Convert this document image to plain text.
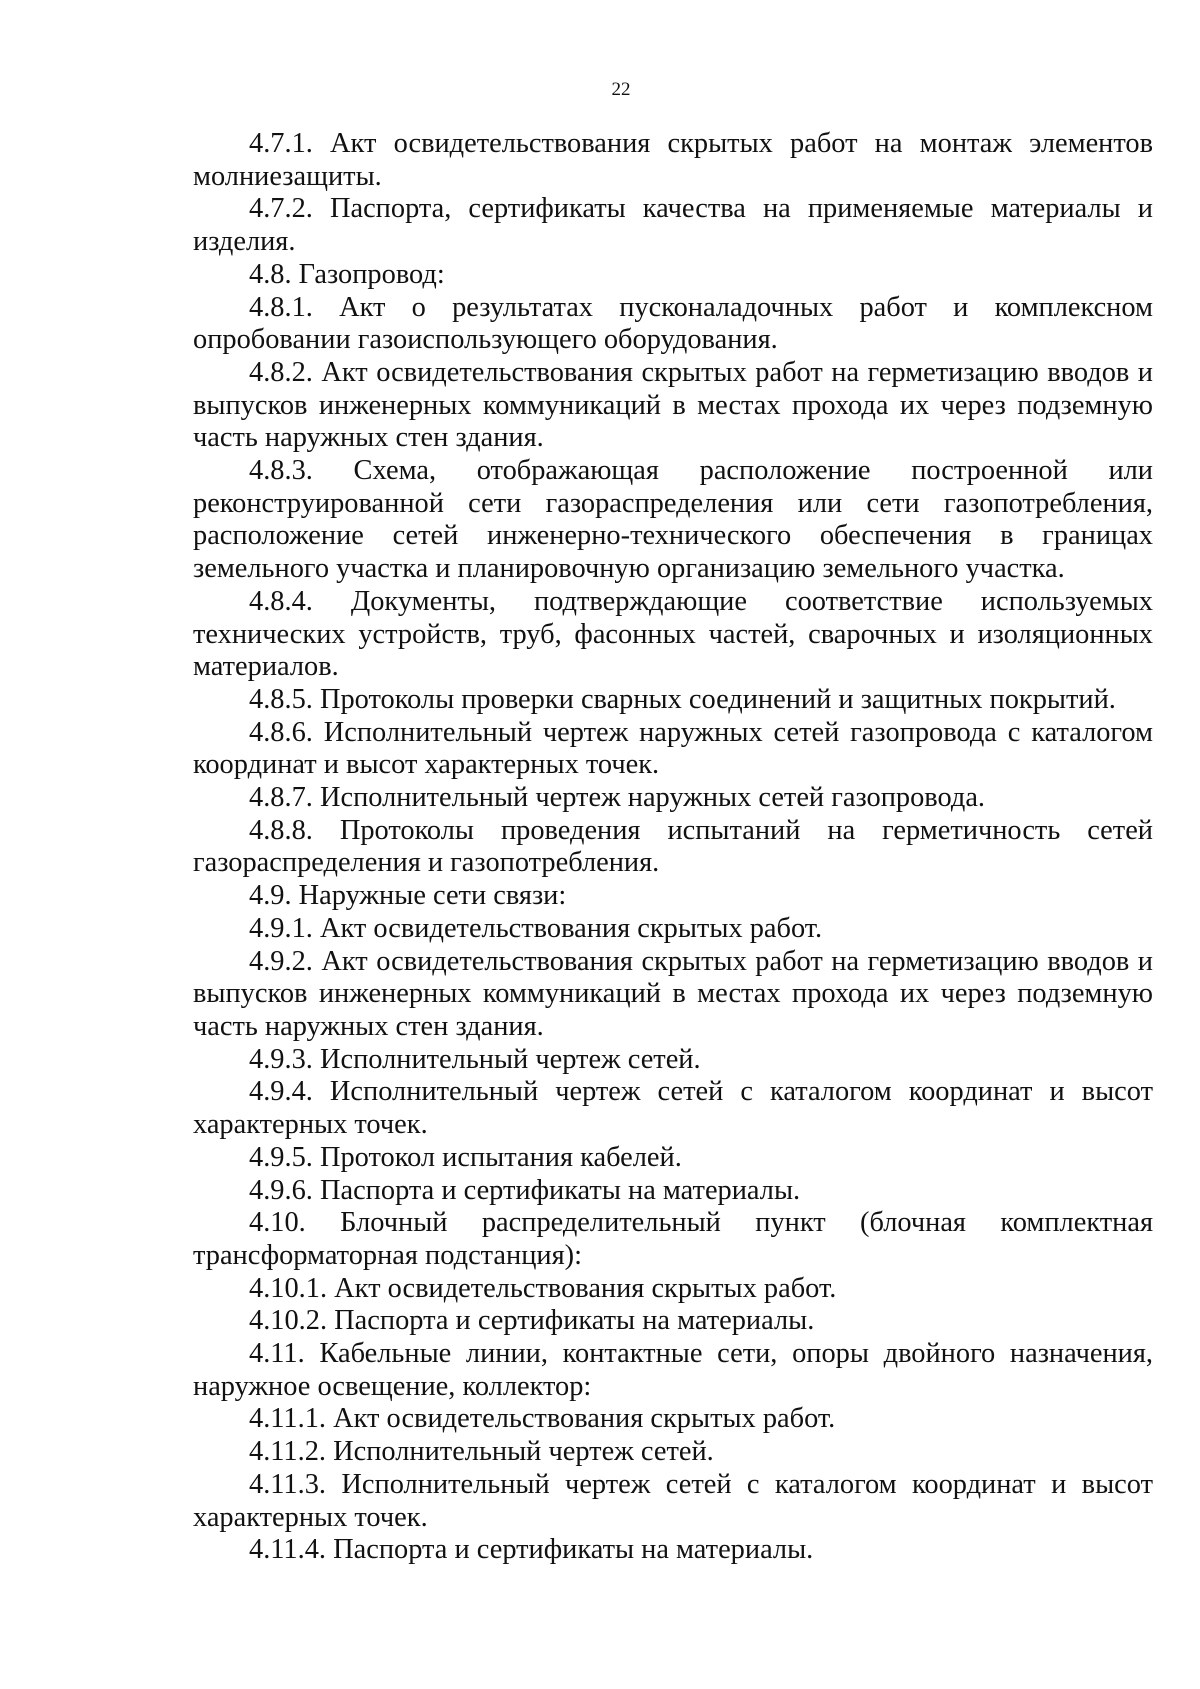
22

4.7.1. Акт освидетельствования скрытых работ на монтаж элементов молниезащиты.

4.7.2. Паспорта, сертификаты качества на применяемые материалы и изделия.

4.8. Газопровод:

4.8.1. Акт о результатах пусконаладочных работ и комплексном опробовании газоиспользующего оборудования.

4.8.2. Акт освидетельствования скрытых работ на герметизацию вводов и выпусков инженерных коммуникаций в местах прохода их через подземную часть наружных стен здания.

4.8.3. Схема, отображающая расположение построенной или реконструированной сети газораспределения или сети газопотребления, расположение сетей инженерно-технического обеспечения в границах земельного участка и планировочную организацию земельного участка.

4.8.4. Документы, подтверждающие соответствие используемых технических устройств, труб, фасонных частей, сварочных и изоляционных материалов.

4.8.5. Протоколы проверки сварных соединений и защитных покрытий.

4.8.6. Исполнительный чертеж наружных сетей газопровода с каталогом координат и высот характерных точек.

4.8.7. Исполнительный чертеж наружных сетей газопровода.

4.8.8. Протоколы проведения испытаний на герметичность сетей газораспределения и газопотребления.

4.9. Наружные сети связи:

4.9.1. Акт освидетельствования скрытых работ.

4.9.2. Акт освидетельствования скрытых работ на герметизацию вводов и выпусков инженерных коммуникаций в местах прохода их через подземную часть наружных стен здания.

4.9.3. Исполнительный чертеж сетей.

4.9.4. Исполнительный чертеж сетей с каталогом координат и высот характерных точек.

4.9.5. Протокол испытания кабелей.

4.9.6. Паспорта и сертификаты на материалы.

4.10. Блочный распределительный пункт (блочная комплектная трансформаторная подстанция):

4.10.1. Акт освидетельствования скрытых работ.

4.10.2. Паспорта и сертификаты на материалы.

4.11. Кабельные линии, контактные сети, опоры двойного назначения, наружное освещение, коллектор:

4.11.1. Акт освидетельствования скрытых работ.

4.11.2. Исполнительный чертеж сетей.

4.11.3. Исполнительный чертеж сетей с каталогом координат и высот характерных точек.

4.11.4. Паспорта и сертификаты на материалы.
